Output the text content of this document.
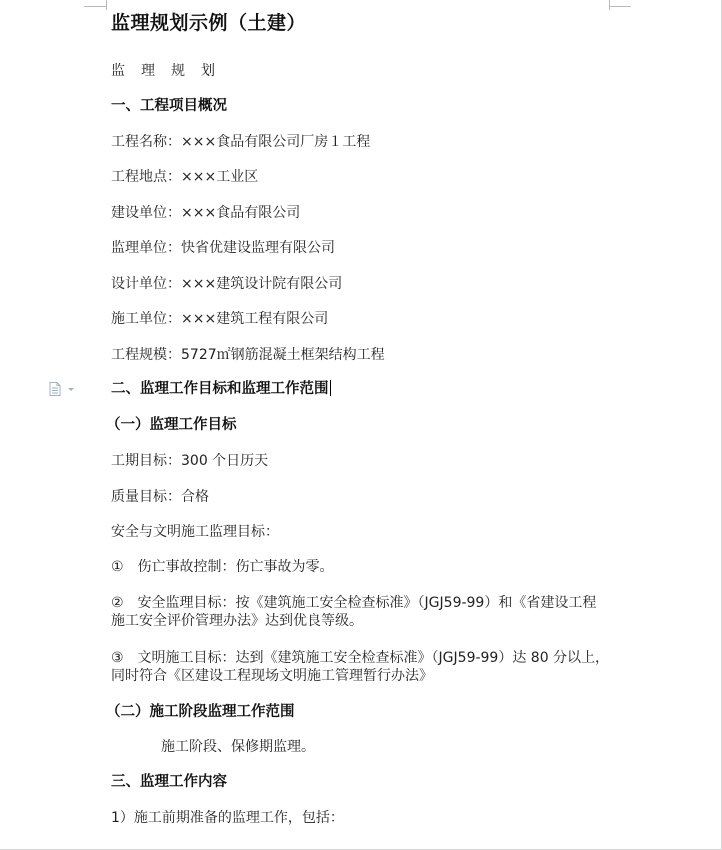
监理规划示例（土建）
监理规划
一、工程项目概况
工程名称：×××食品有限公司厂房１工程
工程地点：×××工业区
建设单位：×××食品有限公司
监理单位：快省优建设监理有限公司
设计单位：×××建筑设计院有限公司
施工单位：×××建筑工程有限公司
工程规模：5727㎡钢筋混凝土框架结构工程
二、监理工作目标和监理工作范围
（一）监理工作目标
工期目标：300 个日历天
质量目标：合格
安全与文明施工监理目标：
①　伤亡事故控制：伤亡事故为零。
②　安全监理目标：按《建筑施工安全检查标准》（JGJ59-99）和《省建设工程
施工安全评价管理办法》达到优良等级。
③　文明施工目标：达到《建筑施工安全检查标准》（JGJ59-99）达 80 分以上，
同时符合《区建设工程现场文明施工管理暂行办法》
（二）施工阶段监理工作范围
施工阶段、保修期监理。
三、监理工作内容
1）施工前期准备的监理工作，包括：
